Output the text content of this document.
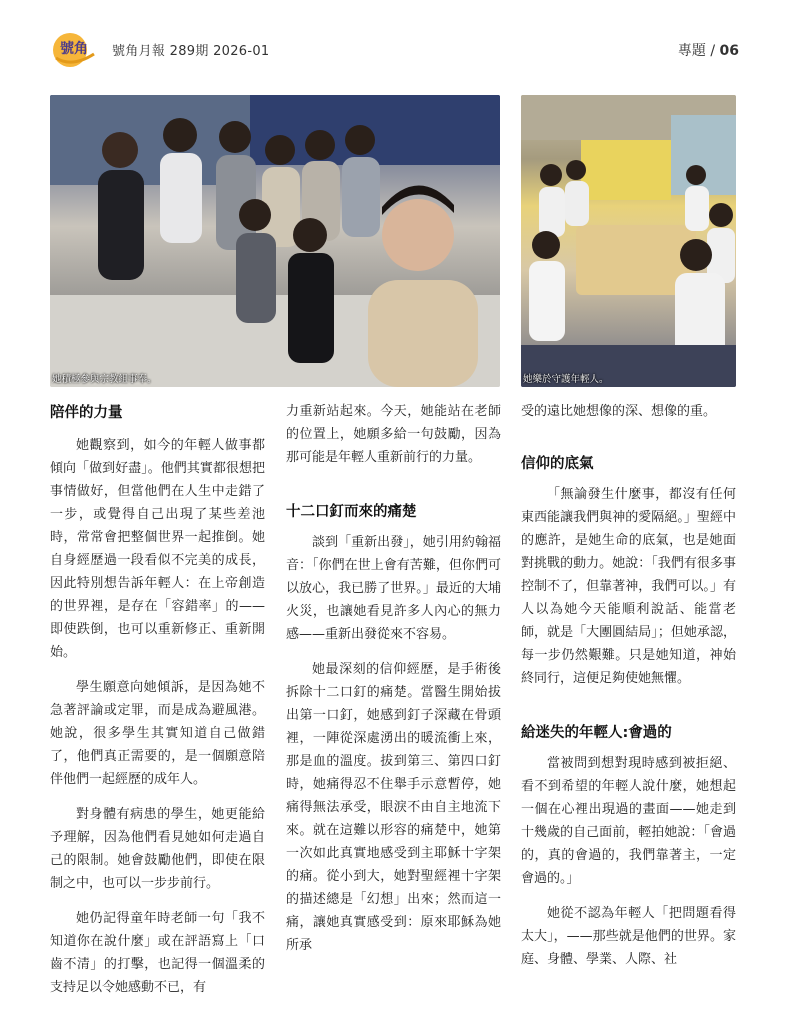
號角 號角月報 289期 2026-01	專題 / 06
她積極參與宗教組事奉。	她樂於守護年輕人。
陪伴的力量

她觀察到，如今的年輕人做事都傾向「做到好盡」。他們其實都很想把事情做好，但當他們在人生中走錯了一步，或覺得自己出現了某些差池時，常常會把整個世界一起推倒。她自身經歷過一段看似不完美的成長，因此特別想告訴年輕人：在上帝創造的世界裡，是存在「容錯率」的——即使跌倒，也可以重新修正、重新開始。

學生願意向她傾訴，是因為她不急著評論或定罪，而是成為避風港。她說，很多學生其實知道自己做錯了，他們真正需要的，是一個願意陪伴他們一起經歷的成年人。

對身體有病患的學生，她更能給予理解，因為他們看見她如何走過自己的限制。她會鼓勵他們，即使在限制之中，也可以一步步前行。

她仍記得童年時老師一句「我不知道你在說什麼」或在評語寫上「口齒不清」的打擊，也記得一個溫柔的支持足以令她感動不已，有

力重新站起來。今天，她能站在老師的位置上，她願多給一句鼓勵，因為那可能是年輕人重新前行的力量。

十二口釘而來的痛楚

談到「重新出發」，她引用約翰福音：「你們在世上會有苦難，但你們可以放心，我已勝了世界。」最近的大埔火災，也讓她看見許多人內心的無力感——重新出發從來不容易。

她最深刻的信仰經歷，是手術後拆除十二口釘的痛楚。當醫生開始拔出第一口釘，她感到釘子深藏在骨頭裡，一陣從深處湧出的暖流衝上來，那是血的溫度。拔到第三、第四口釘時，她痛得忍不住舉手示意暫停，她痛得無法承受，眼淚不由自主地流下來。就在這難以形容的痛楚中，她第一次如此真實地感受到主耶穌十字架的痛。從小到大，她對聖經裡十字架的描述總是「幻想」出來；然而這一痛，讓她真實感受到：原來耶穌為她所承

受的遠比她想像的深、想像的重。

信仰的底氣

「無論發生什麼事，都沒有任何東西能讓我們與神的愛隔絕。」聖經中的應許，是她生命的底氣，也是她面對挑戰的動力。她說：「我們有很多事控制不了，但靠著神，我們可以。」有人以為她今天能順利說話、能當老師，就是「大團圓結局」；但她承認，每一步仍然艱難。只是她知道，神始終同行，這便足夠使她無懼。

給迷失的年輕人:會過的

當被問到想對現時感到被拒絕、看不到希望的年輕人說什麼，她想起一個在心裡出現過的畫面——她走到十幾歲的自己面前，輕拍她說：「會過的，真的會過的，我們靠著主，一定會過的。」

她從不認為年輕人「把問題看得太大」，——那些就是他們的世界。家庭、身體、學業、人際、社
